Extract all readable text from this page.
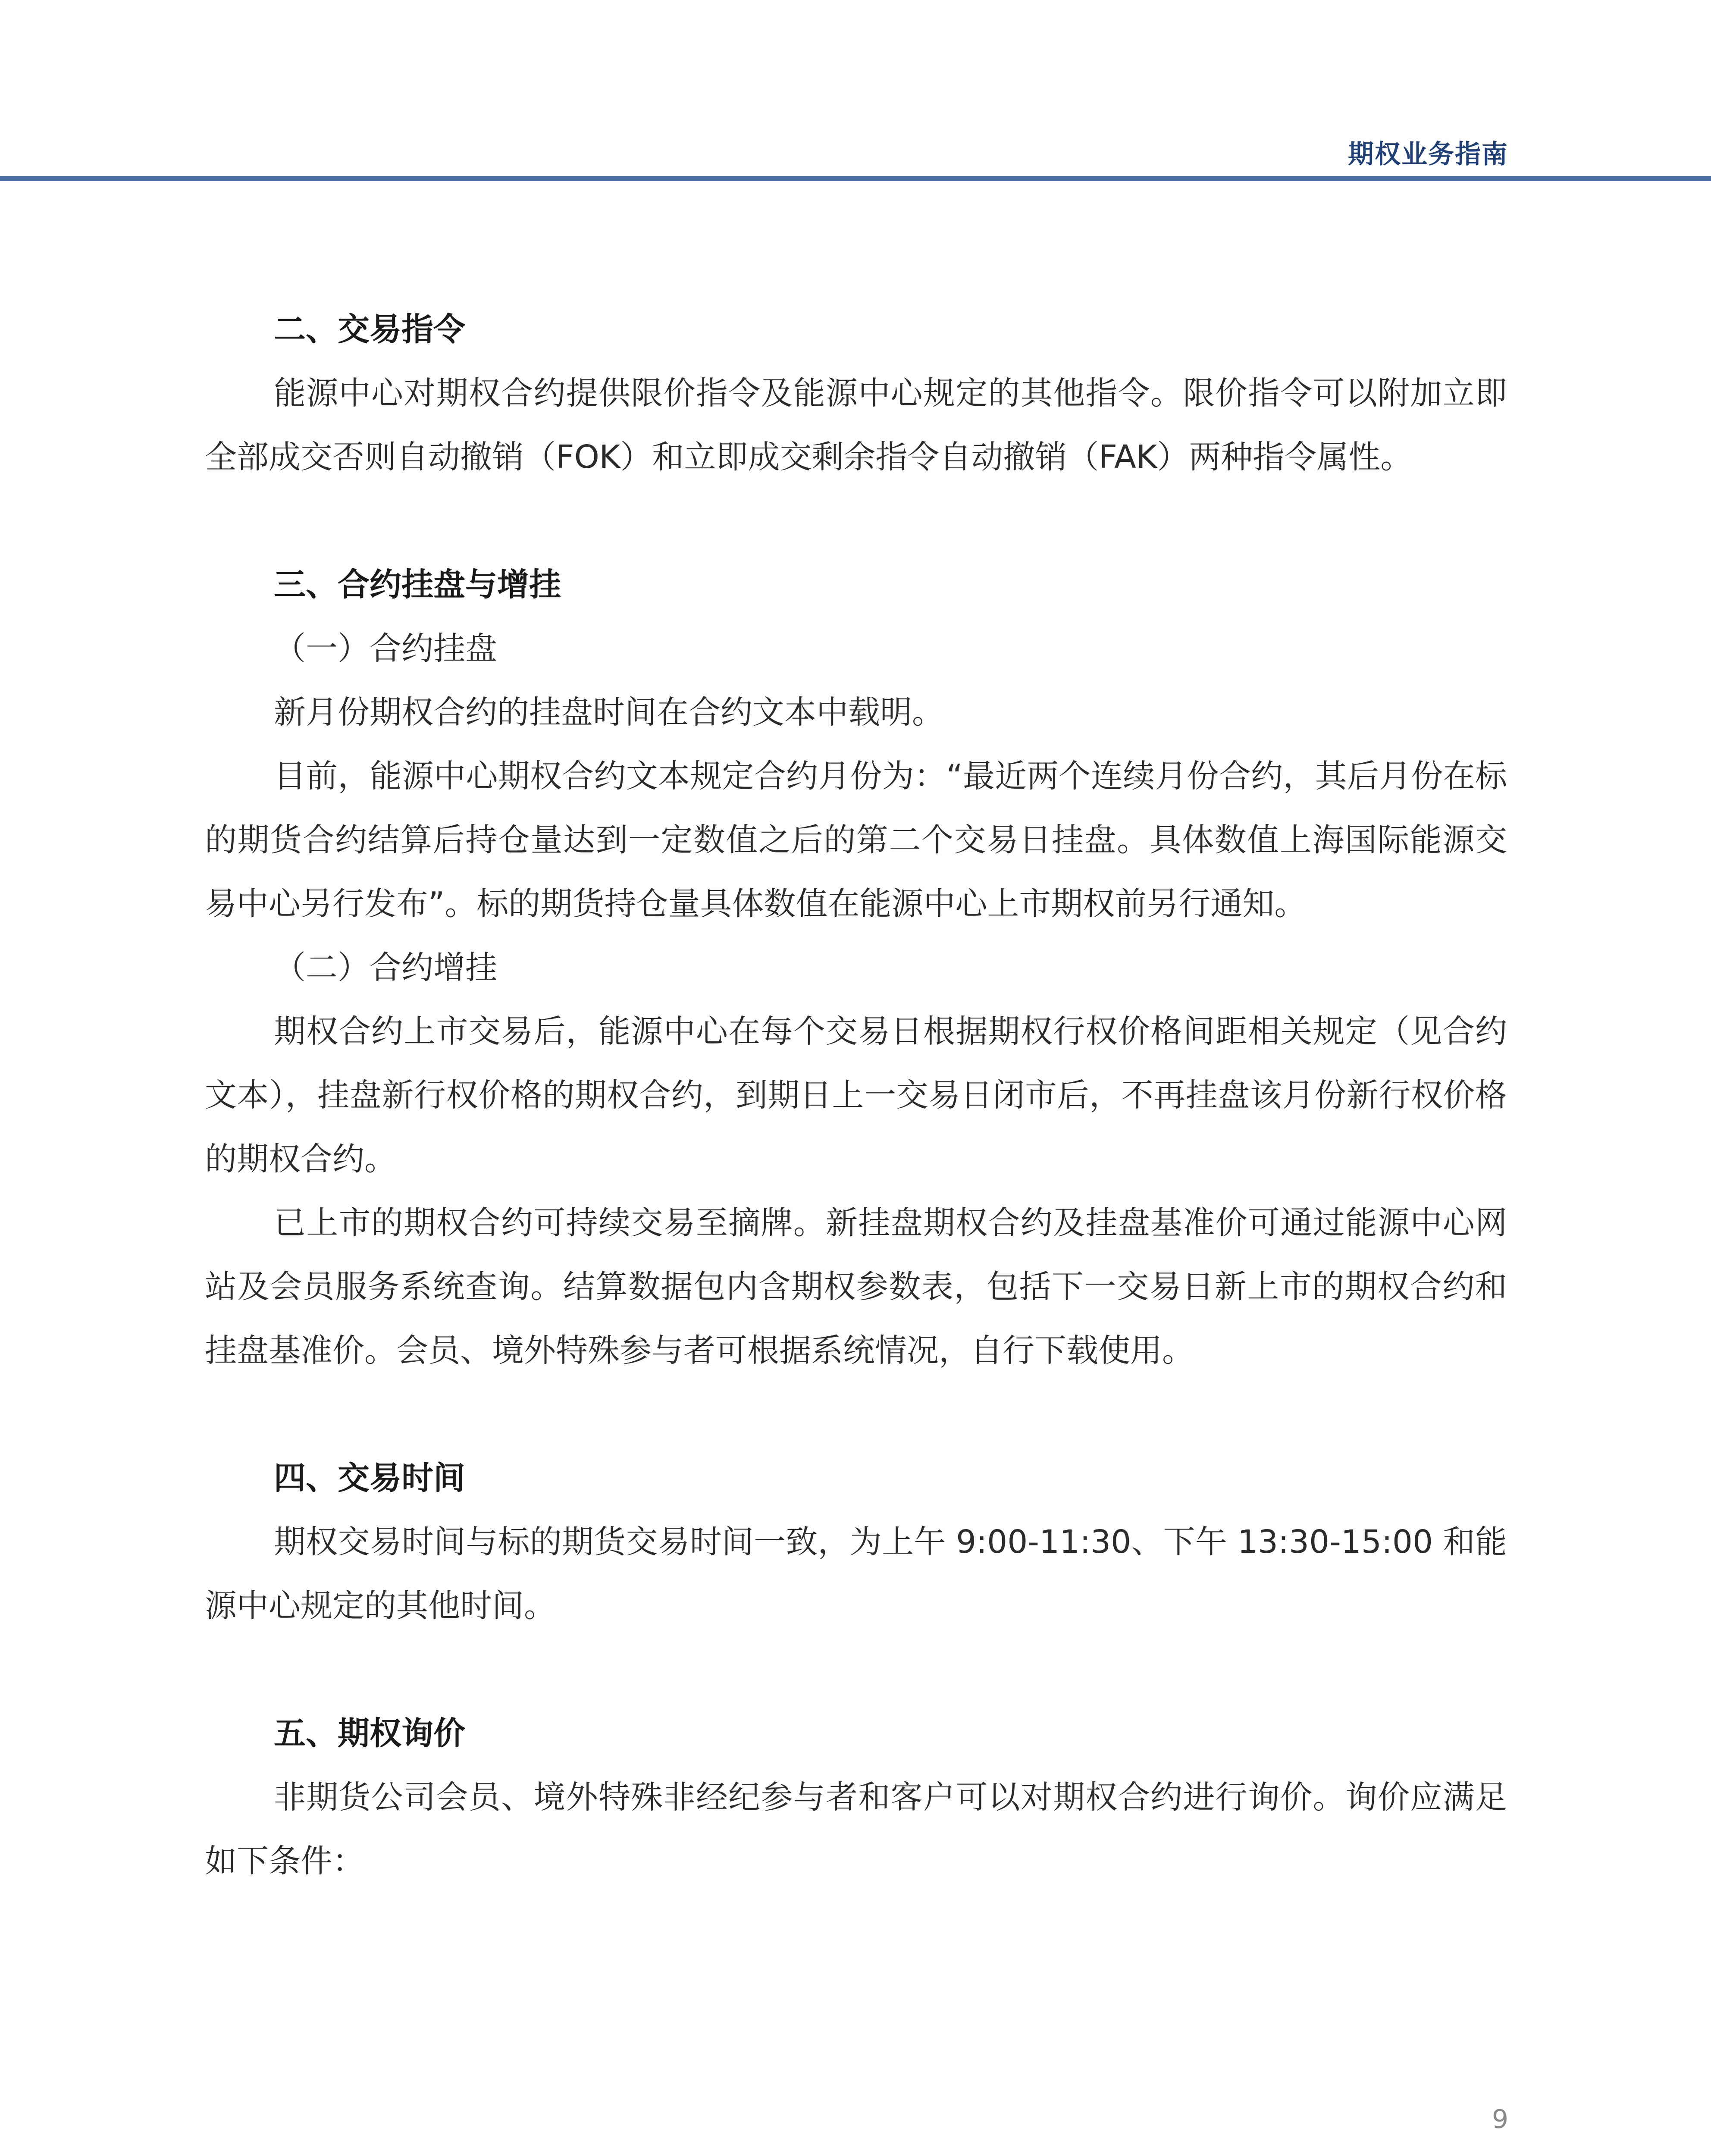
期权业务指南
二、交易指令

能源中心对期权合约提供限价指令及能源中心规定的其他指令。限价指令可以附加立即全部成交否则自动撤销（FOK）和立即成交剩余指令自动撤销（FAK）两种指令属性。

三、合约挂盘与增挂

（一）合约挂盘

新月份期权合约的挂盘时间在合约文本中载明。

目前，能源中心期权合约文本规定合约月份为：“最近两个连续月份合约，其后月份在标的期货合约结算后持仓量达到一定数值之后的第二个交易日挂盘。具体数值上海国际能源交易中心另行发布”。标的期货持仓量具体数值在能源中心上市期权前另行通知。

（二）合约增挂

期权合约上市交易后，能源中心在每个交易日根据期权行权价格间距相关规定（见合约文本），挂盘新行权价格的期权合约，到期日上一交易日闭市后，不再挂盘该月份新行权价格的期权合约。

已上市的期权合约可持续交易至摘牌。新挂盘期权合约及挂盘基准价可通过能源中心网站及会员服务系统查询。结算数据包内含期权参数表，包括下一交易日新上市的期权合约和挂盘基准价。会员、境外特殊参与者可根据系统情况，自行下载使用。

四、交易时间

期权交易时间与标的期货交易时间一致，为上午 9:00-11:30、下午 13:30-15:00 和能源中心规定的其他时间。

五、期权询价

非期货公司会员、境外特殊非经纪参与者和客户可以对期权合约进行询价。询价应满足如下条件：

9
